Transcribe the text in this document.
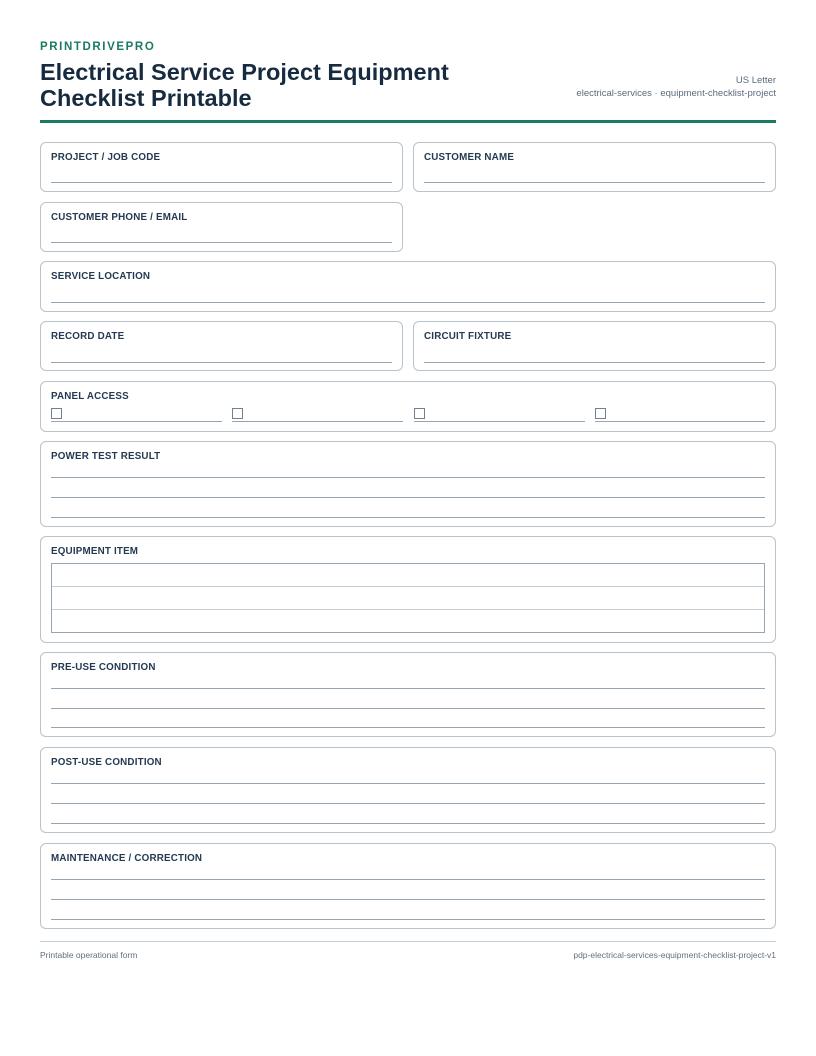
PRINTDRIVEPRO
Electrical Service Project Equipment Checklist Printable
US Letter
electrical-services · equipment-checklist-project
PROJECT / JOB CODE	CUSTOMER NAME
CUSTOMER PHONE / EMAIL
SERVICE LOCATION
RECORD DATE	CIRCUIT FIXTURE
PANEL ACCESS
POWER TEST RESULT
EQUIPMENT ITEM
PRE-USE CONDITION
POST-USE CONDITION
MAINTENANCE / CORRECTION
Printable operational form	pdp-electrical-services-equipment-checklist-project-v1
